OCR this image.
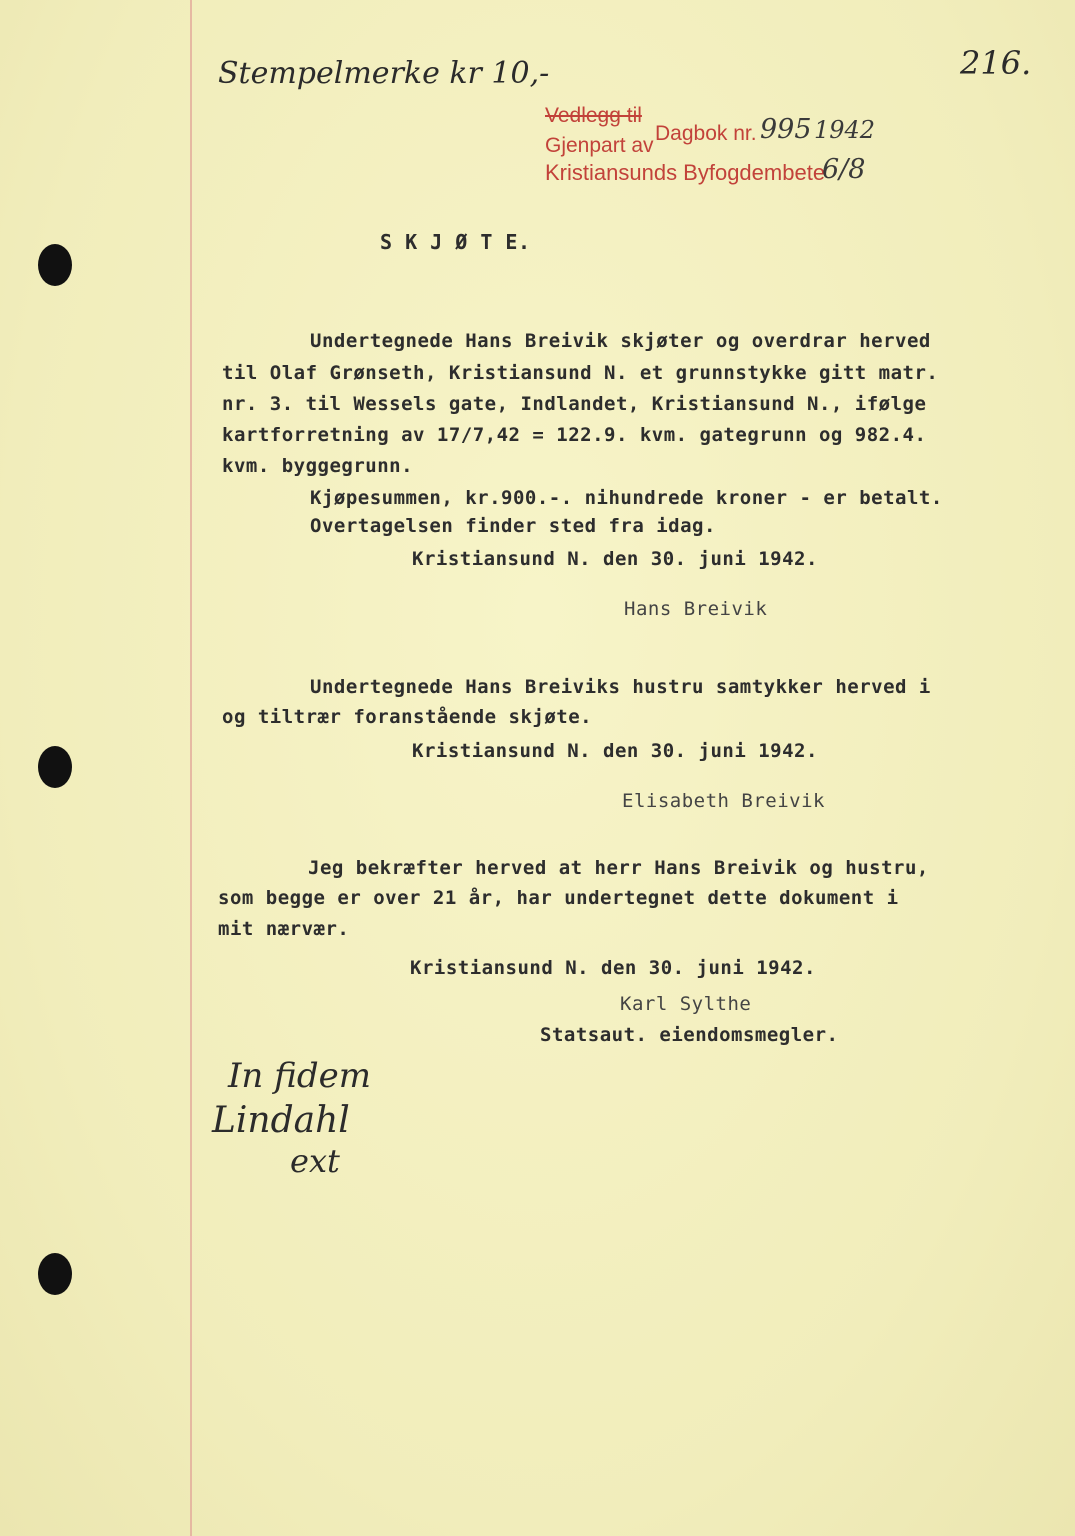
216.
Stempelmerke kr 10,-
Vedlegg til
Dagbok nr. 995 1942
Gjenpart av
Kristiansunds Byfogdembete
6/8
S K J Ø T E.
Undertegnede Hans Breivik skjøter og overdrar herved
til Olaf Grønseth, Kristiansund N. et grunnstykke gitt matr.
nr. 3. til Wessels gate, Indlandet, Kristiansund N., ifølge
kartforretning av 17/7,42 = 122.9. kvm. gategrunn og 982.4.
kvm. byggegrunn.
Kjøpesummen, kr.900.-. nihundrede kroner - er betalt.
Overtagelsen finder sted fra idag.
Kristiansund N. den 30. juni 1942.
Hans Breivik
Undertegnede Hans Breiviks hustru samtykker herved i
og tiltrær foranstående skjøte.
Kristiansund N. den 30. juni 1942.
Elisabeth Breivik
Jeg bekræfter herved at herr Hans Breivik og hustru,
som begge er over 21 år, har undertegnet dette dokument i
mit nærvær.
Kristiansund N. den 30. juni 1942.
Karl Sylthe
Statsaut. eiendomsmegler.
In fidem
Lindahl
ext
